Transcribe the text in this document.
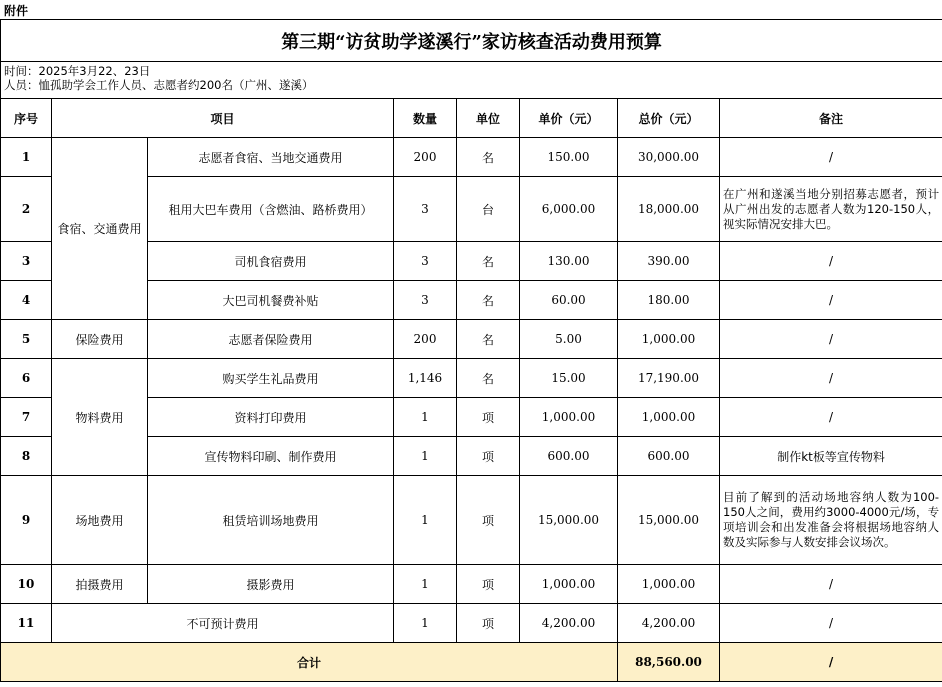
附件
第三期“访贫助学遂溪行”家访核查活动费用预算							

时间：2025年3月22、23日
人员：恤孤助学会工作人员、志愿者约200名（广州、遂溪）							

序号	项目		数量	单位	单价（元）	总价（元）	备注
1	食宿、交通费用	志愿者食宿、当地交通费用	200	名	150.00	30,000.00	/
2		租用大巴车费用（含燃油、路桥费用）	3	台	6,000.00	18,000.00	在广州和遂溪当地分别招募志愿者，预计从广州出发的志愿者人数为120-150人，视实际情况安排大巴。
3		司机食宿费用	3	名	130.00	390.00	/
4		大巴司机餐费补贴	3	名	60.00	180.00	/
5	保险费用	志愿者保险费用	200	名	5.00	1,000.00	/
6	物料费用	购买学生礼品费用	1,146	名	15.00	17,190.00	/
7		资料打印费用	1	项	1,000.00	1,000.00	/
8		宣传物料印刷、制作费用	1	项	600.00	600.00	制作kt板等宣传物料
9	场地费用	租赁培训场地费用	1	项	15,000.00	15,000.00	目前了解到的活动场地容纳人数为100-150人之间，费用约3000-4000元/场，专项培训会和出发准备会将根据场地容纳人数及实际参与人数安排会议场次。
10	拍摄费用	摄影费用	1	项	1,000.00	1,000.00	/
11	不可预计费用		1	项	4,200.00	4,200.00	/
合计						88,560.00	/
